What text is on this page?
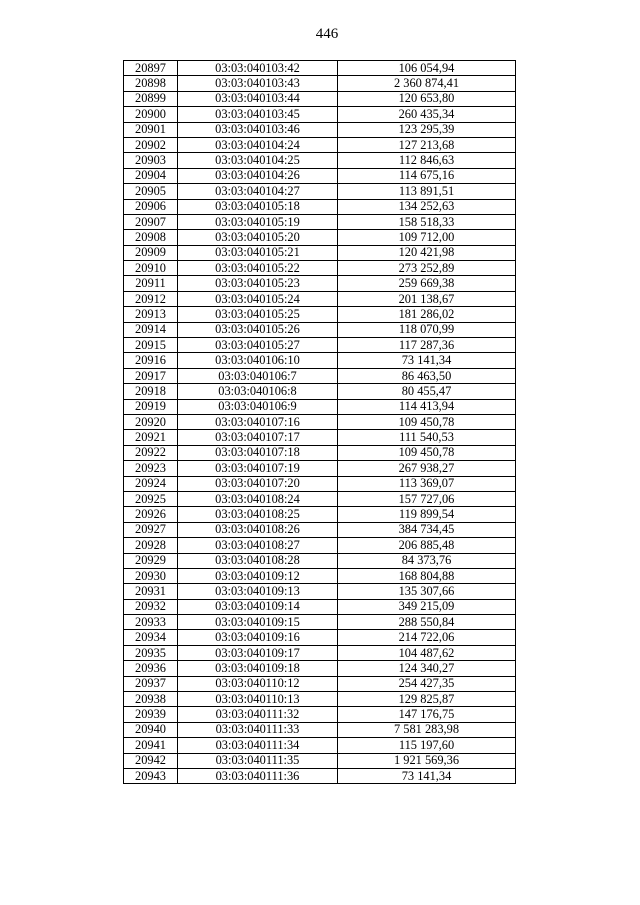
446
20897	03:03:040103:42	106 054,94
20898	03:03:040103:43	2 360 874,41
20899	03:03:040103:44	120 653,80
20900	03:03:040103:45	260 435,34
20901	03:03:040103:46	123 295,39
20902	03:03:040104:24	127 213,68
20903	03:03:040104:25	112 846,63
20904	03:03:040104:26	114 675,16
20905	03:03:040104:27	113 891,51
20906	03:03:040105:18	134 252,63
20907	03:03:040105:19	158 518,33
20908	03:03:040105:20	109 712,00
20909	03:03:040105:21	120 421,98
20910	03:03:040105:22	273 252,89
20911	03:03:040105:23	259 669,38
20912	03:03:040105:24	201 138,67
20913	03:03:040105:25	181 286,02
20914	03:03:040105:26	118 070,99
20915	03:03:040105:27	117 287,36
20916	03:03:040106:10	73 141,34
20917	03:03:040106:7	86 463,50
20918	03:03:040106:8	80 455,47
20919	03:03:040106:9	114 413,94
20920	03:03:040107:16	109 450,78
20921	03:03:040107:17	111 540,53
20922	03:03:040107:18	109 450,78
20923	03:03:040107:19	267 938,27
20924	03:03:040107:20	113 369,07
20925	03:03:040108:24	157 727,06
20926	03:03:040108:25	119 899,54
20927	03:03:040108:26	384 734,45
20928	03:03:040108:27	206 885,48
20929	03:03:040108:28	84 373,76
20930	03:03:040109:12	168 804,88
20931	03:03:040109:13	135 307,66
20932	03:03:040109:14	349 215,09
20933	03:03:040109:15	288 550,84
20934	03:03:040109:16	214 722,06
20935	03:03:040109:17	104 487,62
20936	03:03:040109:18	124 340,27
20937	03:03:040110:12	254 427,35
20938	03:03:040110:13	129 825,87
20939	03:03:040111:32	147 176,75
20940	03:03:040111:33	7 581 283,98
20941	03:03:040111:34	115 197,60
20942	03:03:040111:35	1 921 569,36
20943	03:03:040111:36	73 141,34
